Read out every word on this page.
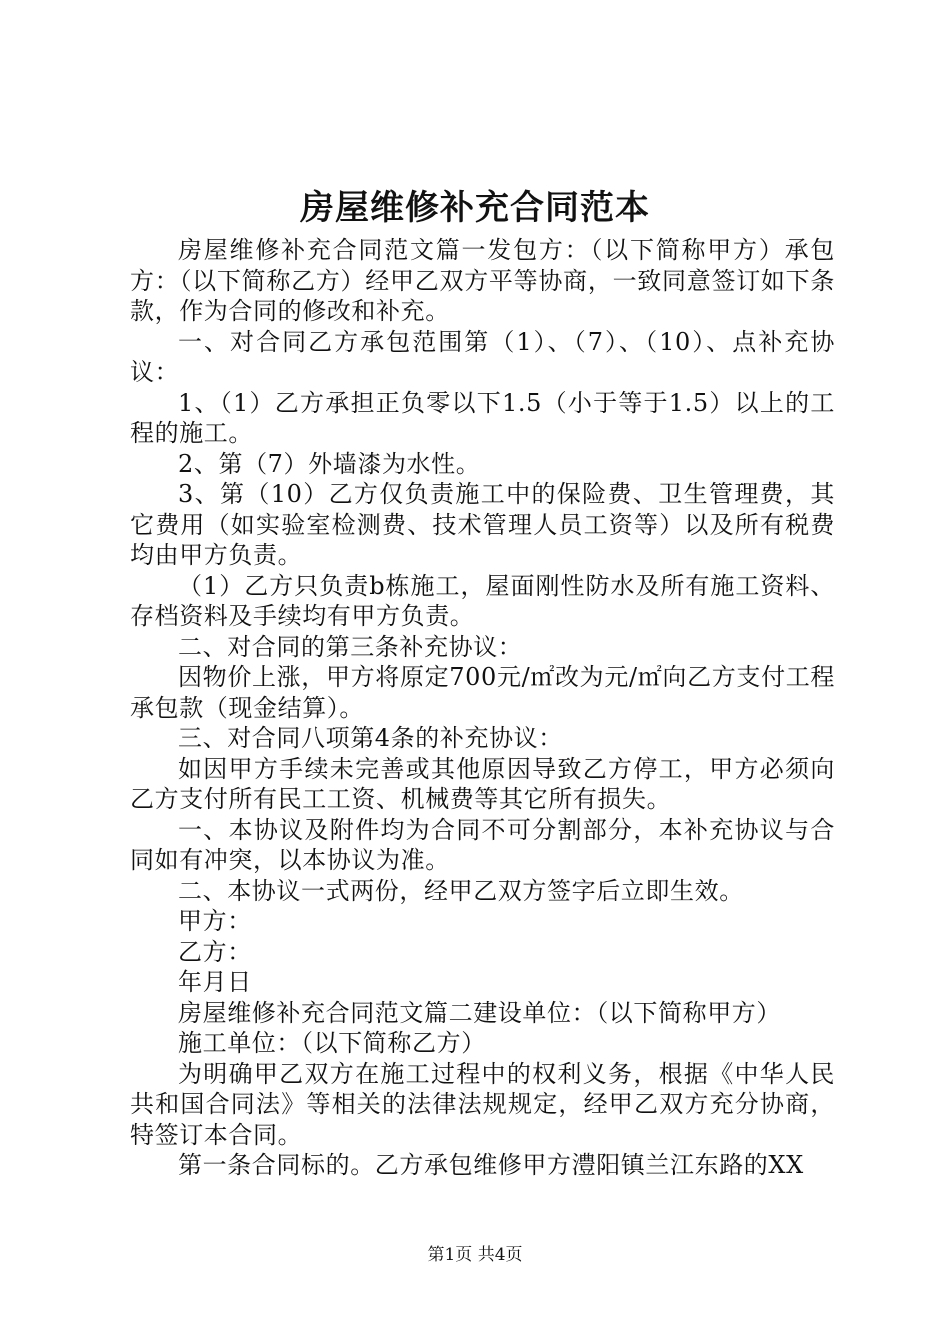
房屋维修补充合同范本

房屋维修补充合同范文篇一发包方：（以下简称甲方）承包方：（以下简称乙方）经甲乙双方平等协商，一致同意签订如下条款，作为合同的修改和补充。

一、对合同乙方承包范围第（1）、（7）、（10）、点补充协议：

1、（1）乙方承担正负零以下1.5（小于等于1.5）以上的工程的施工。

2、第（7）外墙漆为水性。

3、第（10）乙方仅负责施工中的保险费、卫生管理费，其它费用（如实验室检测费、技术管理人员工资等）以及所有税费均由甲方负责。

（1）乙方只负责b栋施工，屋面刚性防水及所有施工资料、存档资料及手续均有甲方负责。

二、对合同的第三条补充协议：

因物价上涨，甲方将原定700元/㎡改为元/㎡向乙方支付工程承包款（现金结算）。

三、对合同八项第4条的补充协议：

如因甲方手续未完善或其他原因导致乙方停工，甲方必须向乙方支付所有民工工资、机械费等其它所有损失。

一、本协议及附件均为合同不可分割部分，本补充协议与合同如有冲突，以本协议为准。

二、本协议一式两份，经甲乙双方签字后立即生效。

甲方：

乙方：

年月日

房屋维修补充合同范文篇二建设单位：（以下简称甲方）

施工单位：（以下简称乙方）

为明确甲乙双方在施工过程中的权利义务，根据《中华人民共和国合同法》等相关的法律法规规定，经甲乙双方充分协商，特签订本合同。

第一条合同标的。乙方承包维修甲方澧阳镇兰江东路的XX

第1页 共4页
